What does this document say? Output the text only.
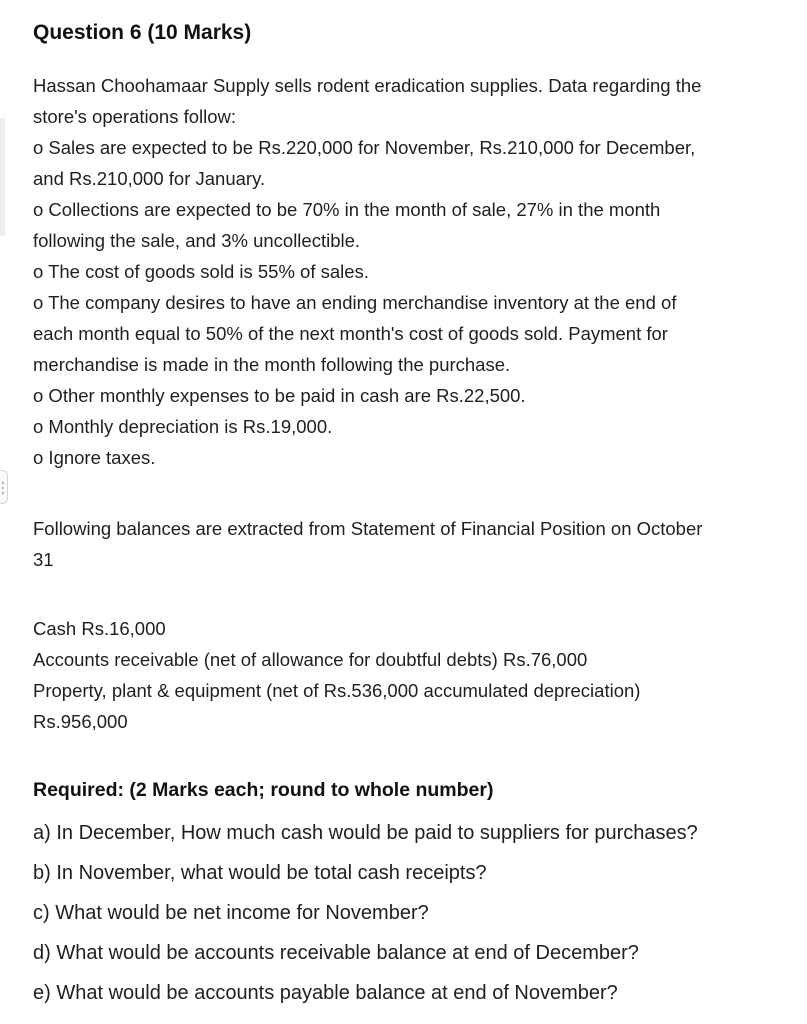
Question 6 (10 Marks)
Hassan Choohamaar Supply sells rodent eradication supplies. Data regarding the
store's operations follow:
o Sales are expected to be Rs.220,000 for November, Rs.210,000 for December,
and Rs.210,000 for January.
o Collections are expected to be 70% in the month of sale, 27% in the month
following the sale, and 3% uncollectible.
o The cost of goods sold is 55% of sales.
o The company desires to have an ending merchandise inventory at the end of
each month equal to 50% of the next month's cost of goods sold. Payment for
merchandise is made in the month following the purchase.
o Other monthly expenses to be paid in cash are Rs.22,500.
o Monthly depreciation is Rs.19,000.
o Ignore taxes.
Following balances are extracted from Statement of Financial Position on October
31
Cash Rs.16,000
Accounts receivable (net of allowance for doubtful debts) Rs.76,000
Property, plant & equipment (net of Rs.536,000 accumulated depreciation)
Rs.956,000
Required: (2 Marks each; round to whole number)
a) In December, How much cash would be paid to suppliers for purchases?
b) In November, what would be total cash receipts?
c) What would be net income for November?
d) What would be accounts receivable balance at end of December?
e) What would be accounts payable balance at end of November?
